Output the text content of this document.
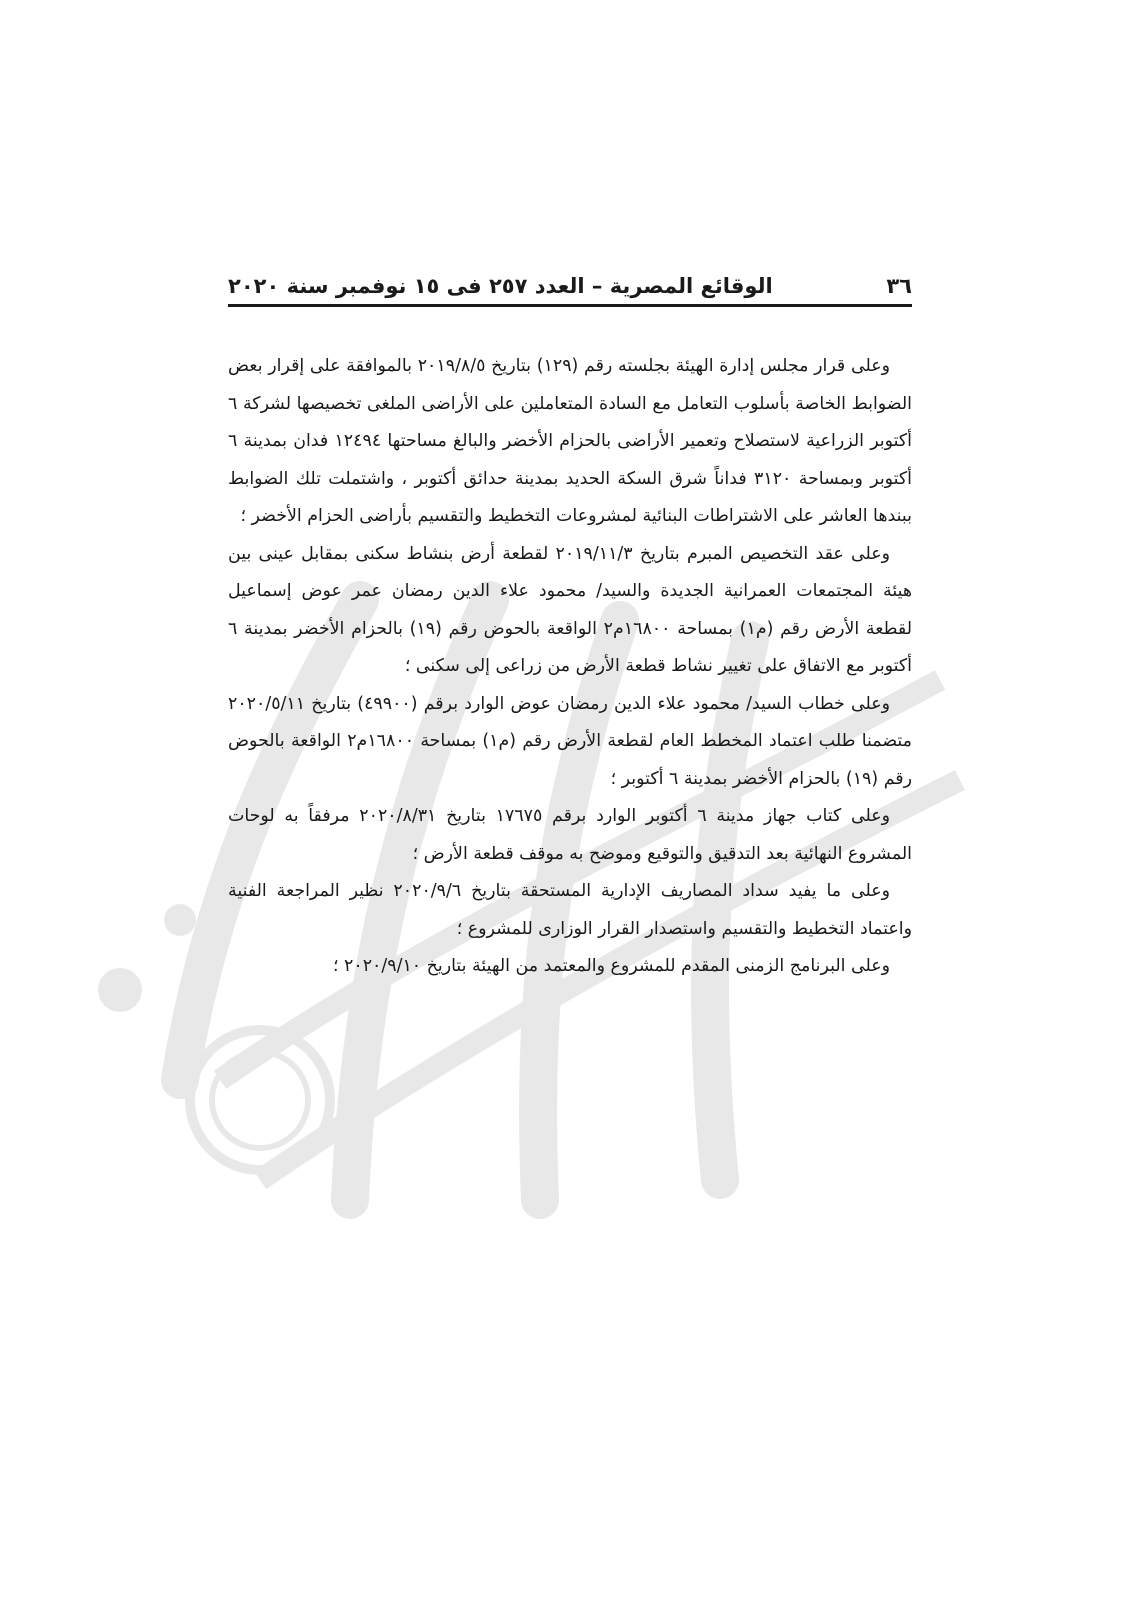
٣٦
الوقائع المصرية – العدد ٢٥٧ فى ١٥ نوفمبر سنة ٢٠٢٠

وعلى قرار مجلس إدارة الهيئة بجلسته رقم (١٢٩) بتاريخ ٢٠١٩/٨/٥ بالموافقة على إقرار بعض الضوابط الخاصة بأسلوب التعامل مع السادة المتعاملين على الأراضى الملغى تخصيصها لشركة ٦ أكتوبر الزراعية لاستصلاح وتعمير الأراضى بالحزام الأخضر والبالغ مساحتها ١٢٤٩٤ فدان بمدينة ٦ أكتوبر وبمساحة ٣١٢٠ فداناً شرق السكة الحديد بمدينة حدائق أكتوبر ، واشتملت تلك الضوابط ببندها العاشر على الاشتراطات البنائية لمشروعات التخطيط والتقسيم بأراضى الحزام الأخضر ؛

وعلى عقد التخصيص المبرم بتاريخ ٢٠١٩/١١/٣ لقطعة أرض بنشاط سكنى بمقابل عينى بين هيئة المجتمعات العمرانية الجديدة والسيد/ محمود علاء الدين رمضان عمر عوض إسماعيل لقطعة الأرض رقم (م١) بمساحة ١٦٨٠٠م٢ الواقعة بالحوض رقم (١٩) بالحزام الأخضر بمدينة ٦ أكتوبر مع الاتفاق على تغيير نشاط قطعة الأرض من زراعى إلى سكنى ؛

وعلى خطاب السيد/ محمود علاء الدين رمضان عوض الوارد برقم (٤٩٩٠٠) بتاريخ ٢٠٢٠/٥/١١ متضمنا طلب اعتماد المخطط العام لقطعة الأرض رقم (م١) بمساحة ١٦٨٠٠م٢ الواقعة بالحوض رقم (١٩) بالحزام الأخضر بمدينة ٦ أكتوبر ؛

وعلى كتاب جهاز مدينة ٦ أكتوبر الوارد برقم ١٧٦٧٥ بتاريخ ٢٠٢٠/٨/٣١ مرفقاً به لوحات المشروع النهائية بعد التدقيق والتوقيع وموضح به موقف قطعة الأرض ؛

وعلى ما يفيد سداد المصاريف الإدارية المستحقة بتاريخ ٢٠٢٠/٩/٦ نظير المراجعة الفنية واعتماد التخطيط والتقسيم واستصدار القرار الوزارى للمشروع ؛

وعلى البرنامج الزمنى المقدم للمشروع والمعتمد من الهيئة بتاريخ ٢٠٢٠/٩/١٠ ؛
